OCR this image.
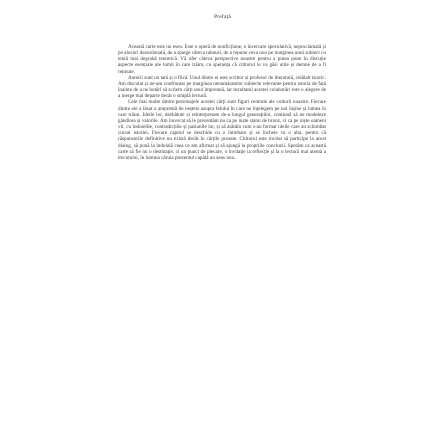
Prefață

Această carte este un eseu. Este o operă de nonficțiune, o încercare speculativă, neproclamată și pe alocuri dezordonată, de a sparge câteva tabuuri, de a repune ceva nou pe marginea unui subiect cu tentă mai degrabă teoretică. Vă ofer câteva perspective noastre pentru a putea pune în discuție aspecte esențiale ale lumii în care trăim, cu speranța că cititorul le va găsi utile și demne de a fi reținute.

Autorii sunt un tată și o fiică. Unul dintre ei este scriitor și profesor de literatură, celălalt istoric. Am discutat și ne-am confruntat pe marginea nenumăratelor subiecte relevante pentru istoria de față înainte de a ne hotărî să scriem cărți unul împreună, iar rezultatul acestei colaborări este o alegere de a merge mai departe decât o simplă lectură.

Cele mai multe dintre personajele acestei cărți sunt figuri centrale ale culturii noastre. Fiecare dintre ele a lăsat o amprentă de neșters asupra felului în care ne înțelegem pe noi înșine și lumea în care trăim. Ideile lor, dezbătute și reinterpretate de-a lungul generațiilor, continuă să ne modeleze gândirea și valorile. Am încercat să le prezentăm nu ca pe niște statui de bronz, ci ca pe niște oameni vii, cu îndoielile, contradicțiile și pasiunile lor, și să arătăm cum s-au format ideile care au schimbat cursul istoriei. Fiecare capitol se deschide cu o întrebare și se încheie cu o alta, pentru că răspunsurile definitive nu există decât în cărțile proaste. Cititorul este invitat să participe la acest dialog, să pună la îndoială ceea ce am afirmat și să ajungă la propriile concluzii. Sperăm ca această carte să fie nu o destinație, ci un punct de plecare, o invitație la reflecție și la o lectură mai atentă a trecutului, în lumina căruia prezentul capătă un sens nou.
